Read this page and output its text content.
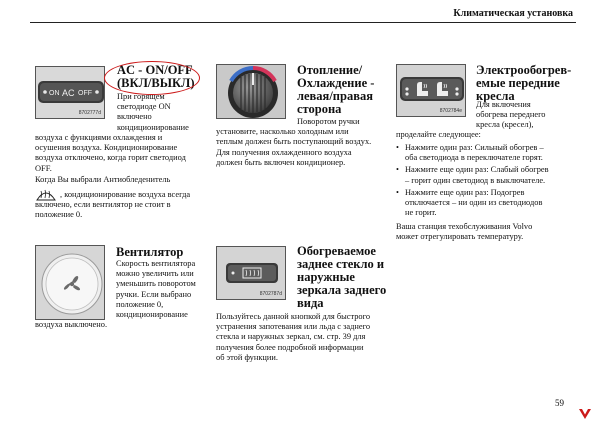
Климатическая установка
ON AC OFF
8702777d
AC - ON/OFF
(ВКЛ/ВЫКЛ)
При горящем
светодиоде ON
включено
кондиционирование
воздуха с функциями охлаждения и
осушения воздуха. Кондиционирование
воздуха отключено, когда горит светодиод
OFF.
Когда Вы выбрали Антиобледенитель
, кондиционирование воздуха всегда
включено, если вентилятор не стоит в
положение 0.
Отопление/
Охлаждение -
левая/правая
сторона
Поворотом ручки
установите, насколько холодным или
теплым должен быть поступающий воздух.
Для получения охлажденного воздуха
должен быть включен кондиционер.
8702784e
Электрообогрев-
емые передние
кресла
Для включения
обогрева переднего
кресла (кресел),
проделайте следующее:
• Нажмите один раз: Сильный обогрев –
оба светодиода в переключателе горят.
• Нажмите еще один раз: Слабый обогрев
– горит один светодиод в выключателе.
• Нажмите еще один раз: Подогрев
отключается – ни один из светодиодов
не горит.
Ваша станция техобслуживания Volvo
может отрегулировать температуру.
Вентилятор
Скорость вентилятора
можно увеличить или
уменьшить поворотом
ручки. Если выбрано
положение 0,
кондиционирование
воздуха выключено.
8702787d
Обогреваемое
заднее стекло и
наружные
зеркала заднего
вида
Пользуйтесь данной кнопкой для быстрого
устранения запотевания или льда с заднего
стекла и наружных зеркал, см. стр. 39 для
получения более подробной информации
об этой функции.
59
